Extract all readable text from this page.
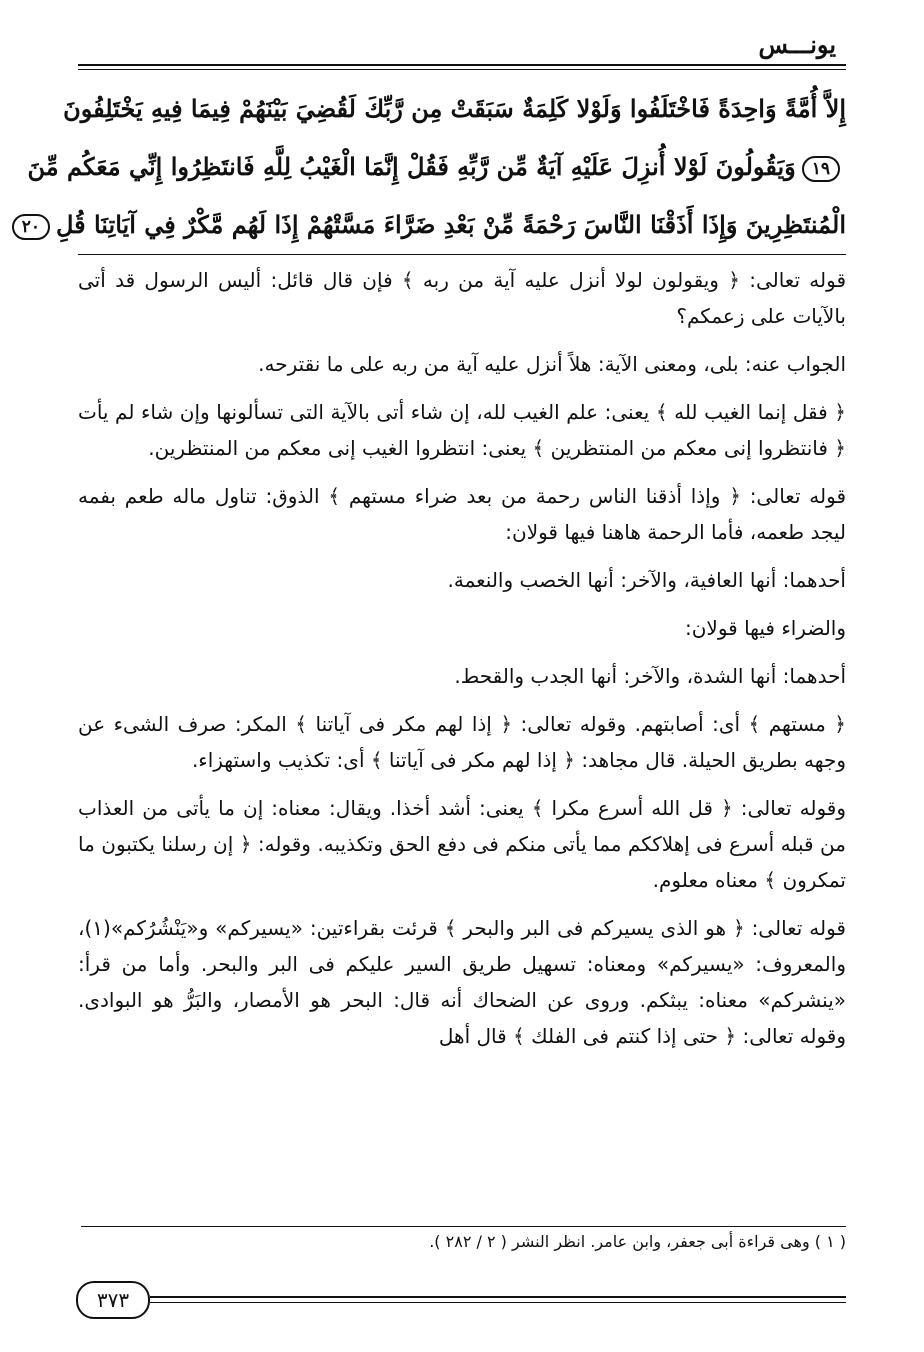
يونـــس
إِلاَّ أُمَّةً وَاحِدَةً فَاخْتَلَفُوا وَلَوْلا كَلِمَةٌ سَبَقَتْ مِن رَّبِّكَ لَقُضِيَ بَيْنَهُمْ فِيمَا فِيهِ يَخْتَلِفُونَ
١٩وَيَقُولُونَ لَوْلا أُنزِلَ عَلَيْهِ آيَةٌ مِّن رَّبِّهِ فَقُلْ إِنَّمَا الْغَيْبُ لِلَّهِ فَانتَظِرُوا إِنِّي مَعَكُم مِّنَ
الْمُنتَظِرِينَ وَإِذَا أَذَقْنَا النَّاسَ رَحْمَةً مِّنْ بَعْدِ ضَرَّاءَ مَسَّتْهُمْ إِذَا لَهُم مَّكْرٌ فِي آيَاتِنَا قُلِ٢٠

قوله تعالى: ﴿ ويقولون لولا أنزل عليه آية من ربه ﴾ فإن قال قائل: أليس الرسول قد أتى بالآيات على زعمكم؟

الجواب عنه: بلى، ومعنى الآية: هلاً أنزل عليه آية من ربه على ما نقترحه.

﴿ فقل إنما الغيب لله ﴾ يعنى: علم الغيب لله، إن شاء أتى بالآية التى تسألونها وإن شاء لم يأت ﴿ فانتظروا إنى معكم من المنتظرين ﴾ يعنى: انتظروا الغيب إنى معكم من المنتظرين.

قوله تعالى: ﴿ وإذا أذقنا الناس رحمة من بعد ضراء مستهم ﴾ الذوق: تناول ماله طعم بفمه ليجد طعمه، فأما الرحمة هاهنا فيها قولان:

أحدهما: أنها العافية، والآخر: أنها الخصب والنعمة.

والضراء فيها قولان:

أحدهما: أنها الشدة، والآخر: أنها الجدب والقحط.

﴿ مستهم ﴾ أى: أصابتهم. وقوله تعالى: ﴿ إذا لهم مكر فى آياتنا ﴾ المكر: صرف الشىء عن وجهه بطريق الحيلة. قال مجاهد: ﴿ إذا لهم مكر فى آياتنا ﴾ أى: تكذيب واستهزاء.

وقوله تعالى: ﴿ قل الله أسرع مكرا ﴾ يعنى: أشد أخذا. ويقال: معناه: إن ما يأتى من العذاب من قبله أسرع فى إهلاككم مما يأتى منكم فى دفع الحق وتكذيبه. وقوله: ﴿ إن رسلنا يكتبون ما تمكرون ﴾ معناه معلوم.

قوله تعالى: ﴿ هو الذى يسيركم فى البر والبحر ﴾ قرئت بقراءتين: «يسيركم» و«يَنْشُرُكم»(١)، والمعروف: «يسيركم» ومعناه: تسهيل طريق السير عليكم فى البر والبحر. وأما من قرأ: «ينشركم» معناه: يبثكم. وروى عن الضحاك أنه قال: البحر هو الأمصار، والبَرُّ هو البوادى. وقوله تعالى: ﴿ حتى إذا كنتم فى الفلك ﴾ قال أهل

( ١ ) وهى قراءة أبى جعفر، وابن عامر. انظر النشر ( ٢ / ٢٨٢ ).
٣٧٣
